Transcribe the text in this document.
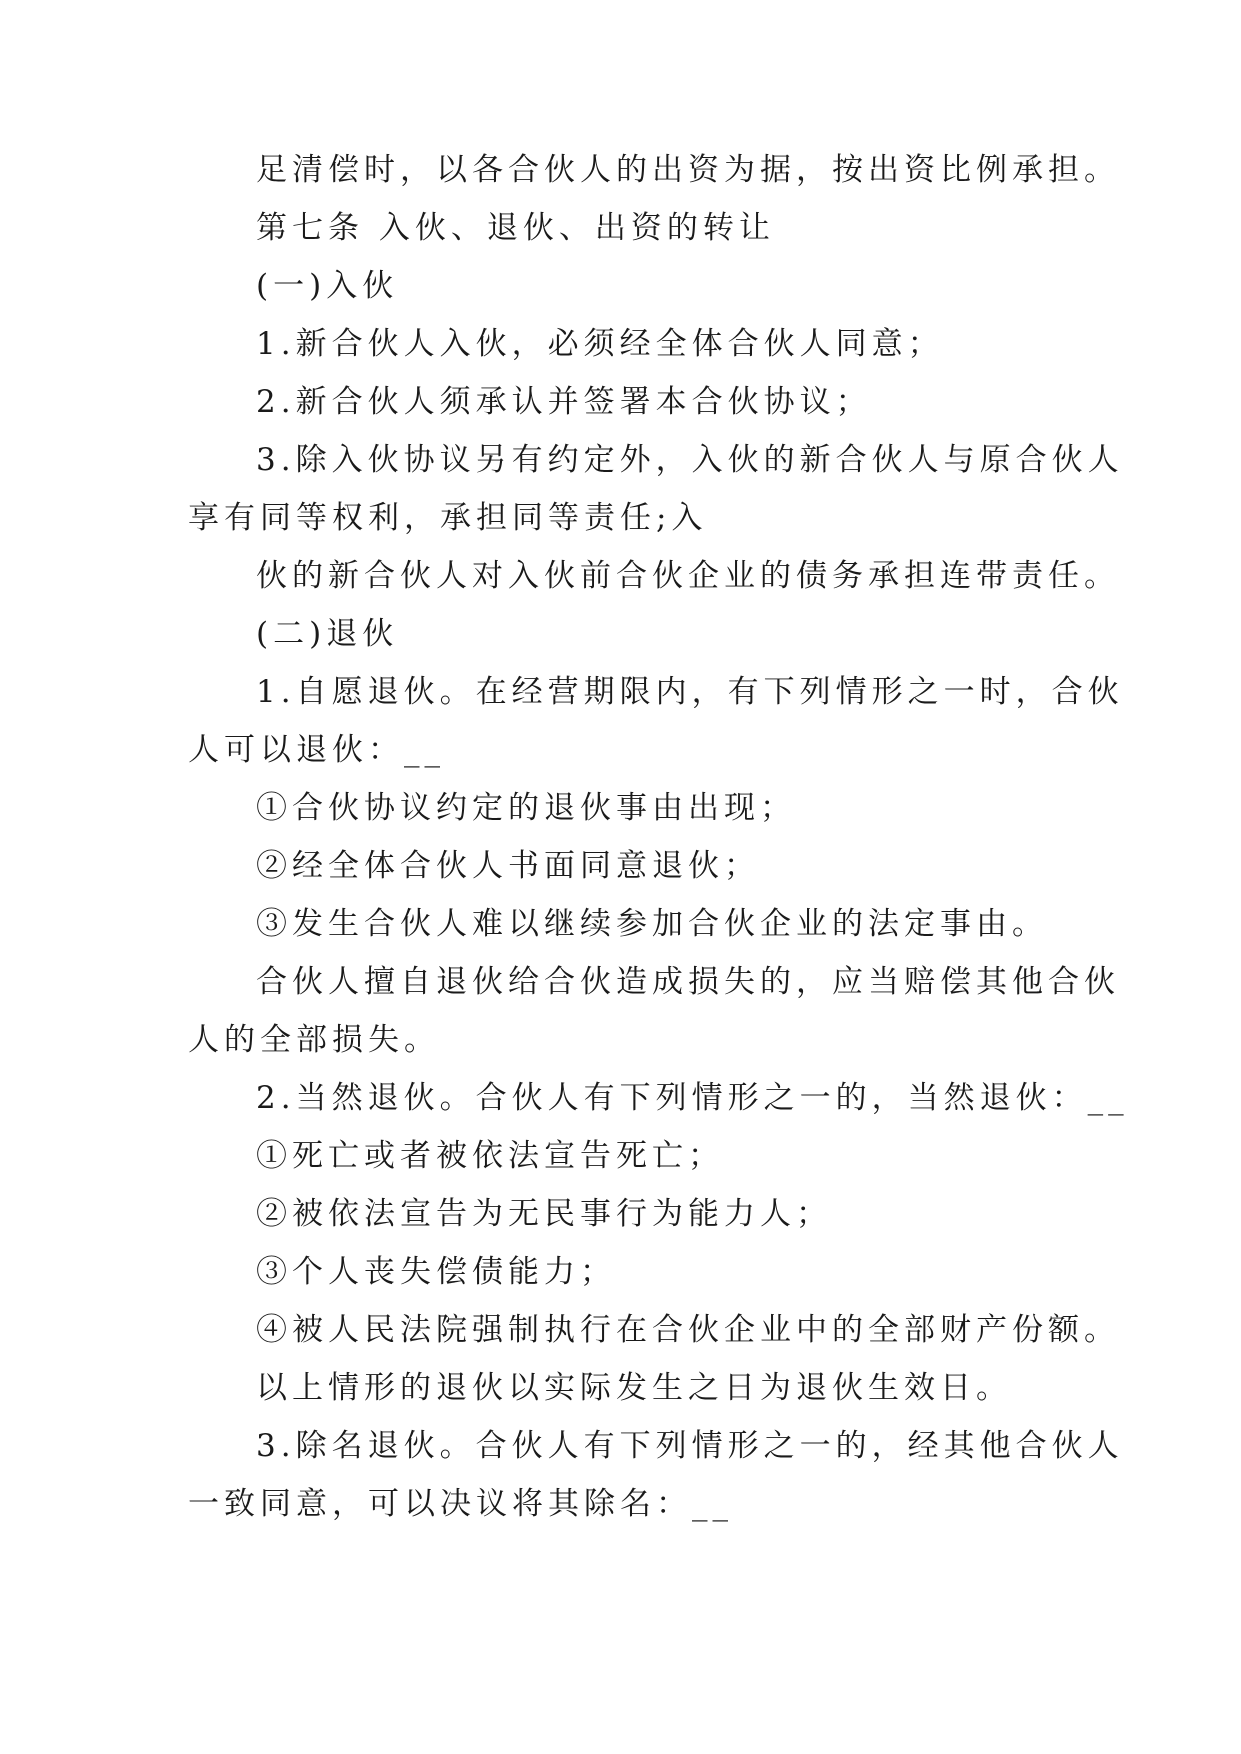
足清偿时，以各合伙人的出资为据，按出资比例承担。
第七条 入伙、退伙、出资的转让
(一)入伙
1.新合伙人入伙，必须经全体合伙人同意；
2.新合伙人须承认并签署本合伙协议；
3.除入伙协议另有约定外，入伙的新合伙人与原合伙人
享有同等权利，承担同等责任;入
伙的新合伙人对入伙前合伙企业的债务承担连带责任。
(二)退伙
1.自愿退伙。在经营期限内，有下列情形之一时，合伙
人可以退伙：__
①合伙协议约定的退伙事由出现；
②经全体合伙人书面同意退伙；
③发生合伙人难以继续参加合伙企业的法定事由。
合伙人擅自退伙给合伙造成损失的，应当赔偿其他合伙
人的全部损失。
2.当然退伙。合伙人有下列情形之一的，当然退伙：__
①死亡或者被依法宣告死亡；
②被依法宣告为无民事行为能力人；
③个人丧失偿债能力；
④被人民法院强制执行在合伙企业中的全部财产份额。
以上情形的退伙以实际发生之日为退伙生效日。
3.除名退伙。合伙人有下列情形之一的，经其他合伙人
一致同意，可以决议将其除名：__
